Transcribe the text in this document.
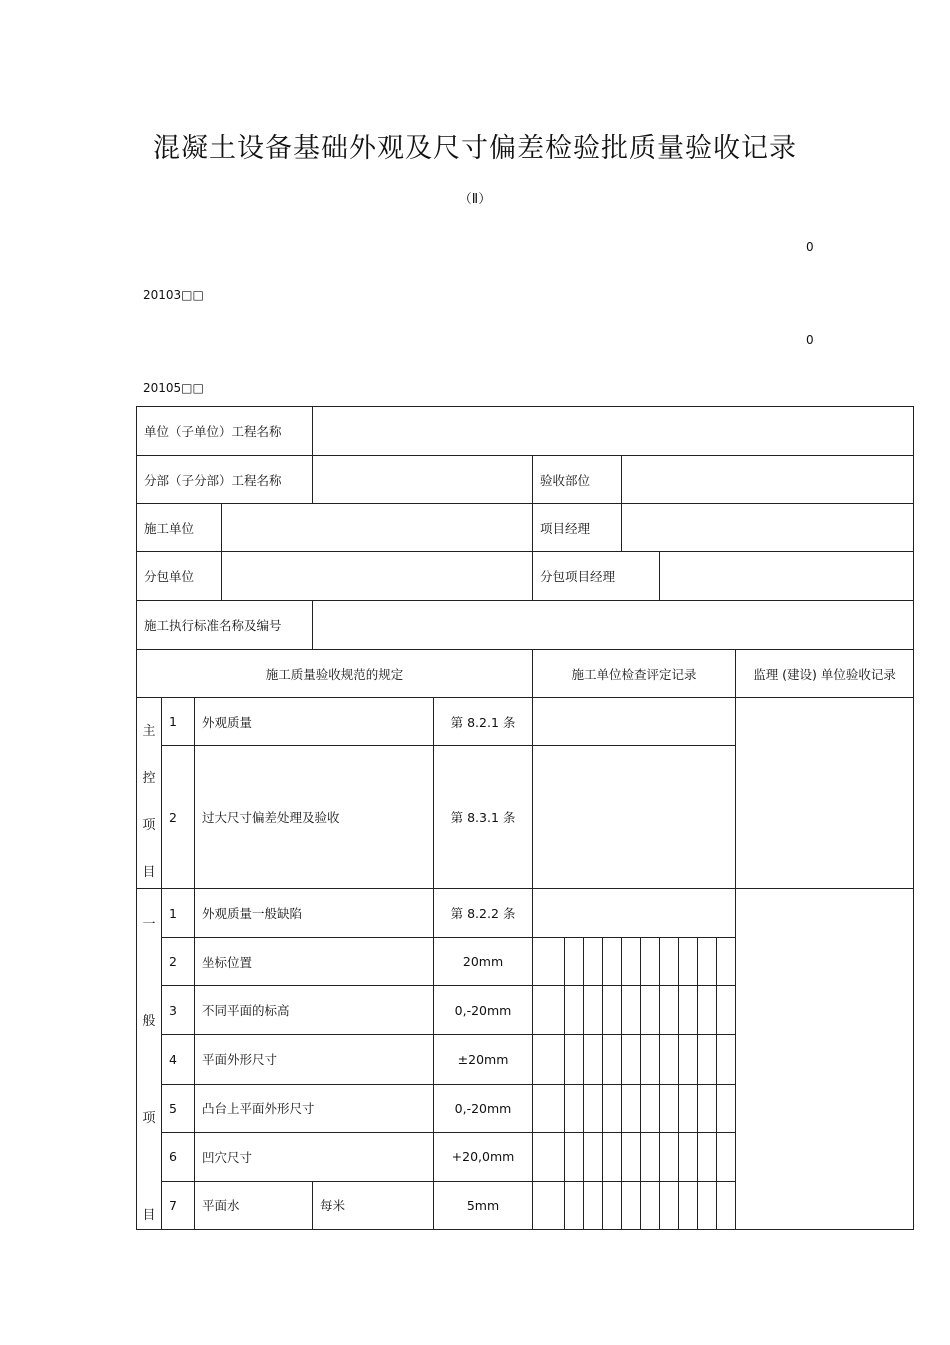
混凝土设备基础外观及尺寸偏差检验批质量验收记录
（Ⅱ）
0
20103□□
0
20105□□
单位（子单位）工程名称																
分部（子分部）工程名称						验收部位										
施工单位						项目经理										
分包单位						分包项目经理										
施工执行标准名称及编号																
施工质量验收规范的规定						施工单位检查评定记录										监理 (建设) 单位验收记录

主
控
项
目	1	外观质量			第 8.2.1 条											
	2	过大尺寸偏差处理及验收			第 8.3.1 条											

一
般
项
目	1	外观质量一般缺陷			第 8.2.2 条											
	2	坐标位置			20mm											
	3	不同平面的标高			0,-20mm											
	4	平面外形尺寸			±20mm											
	5	凸台上平面外形尺寸			0,-20mm											
	6	凹穴尺寸			+20,0mm											
	7	平面水		每米	5mm											
